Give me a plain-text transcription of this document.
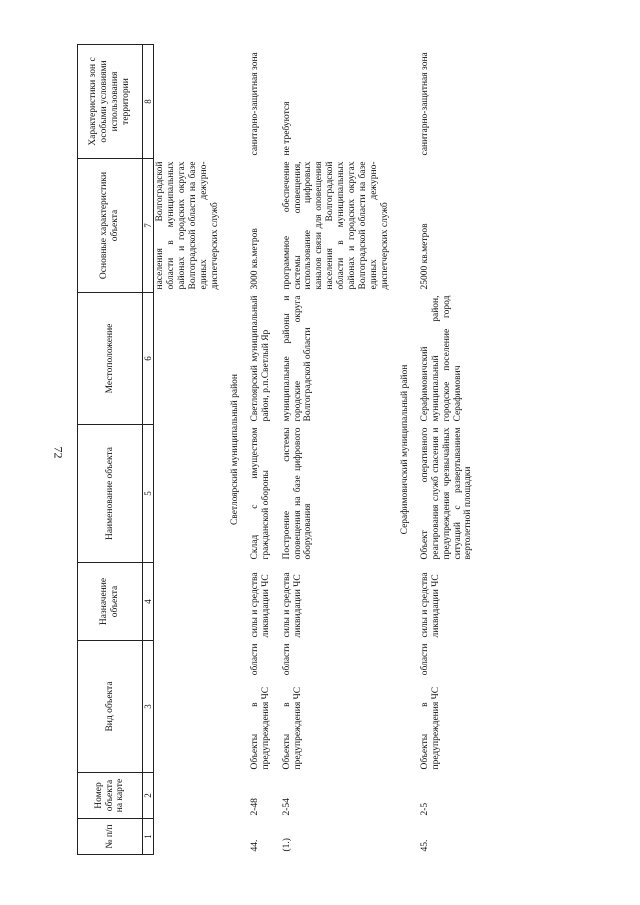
72
№ п/п	Номер объекта на карте	Вид объекта	Назначение объекта	Наименование объекта	Местоположение	Основные характеристики объекта	Характеристики зон с особыми условиями использования территории
1	2	3	4	5	6	7	8
						населения Волгоградской области в муниципальных районах и городских округах Волгоградской области на базе единых дежурно-диспетчерских служб	
Светлоярский муниципальный район							
44.	2-48	Объекты в области предупреждения ЧС	силы и средства ликвидации ЧС	Склад с имуществом гражданской обороны	Светлоярский муниципальный район, р.п.Светлый Яр	3000 кв.метров	санитарно-защитная зона

(1.)	2-54	Объекты в области предупреждения ЧС	силы и средства ликвидации ЧС	Построение системы оповещения на базе цифрового оборудования	муниципальные районы и городские округа Волгоградской области	программное обеспечение системы оповещения, использование цифровых каналов связи для оповещения населения Волгоградской области в муниципальных районах и городских округах Волгоградской области на базе единых дежурно-диспетчерских служб	не требуются
Серафимовичский муниципальный район							
45.	2-5	Объекты в области предупреждения ЧС	силы и средства ликвидации ЧС	Объект оперативного реагирования служб спасения и предупреждения чрезвычайных ситуаций с развертыванием вертолетной площадки	Серафимовичский муниципальный район, городское поселение город Серафимович	25000 кв.метров	санитарно-защитная зона
